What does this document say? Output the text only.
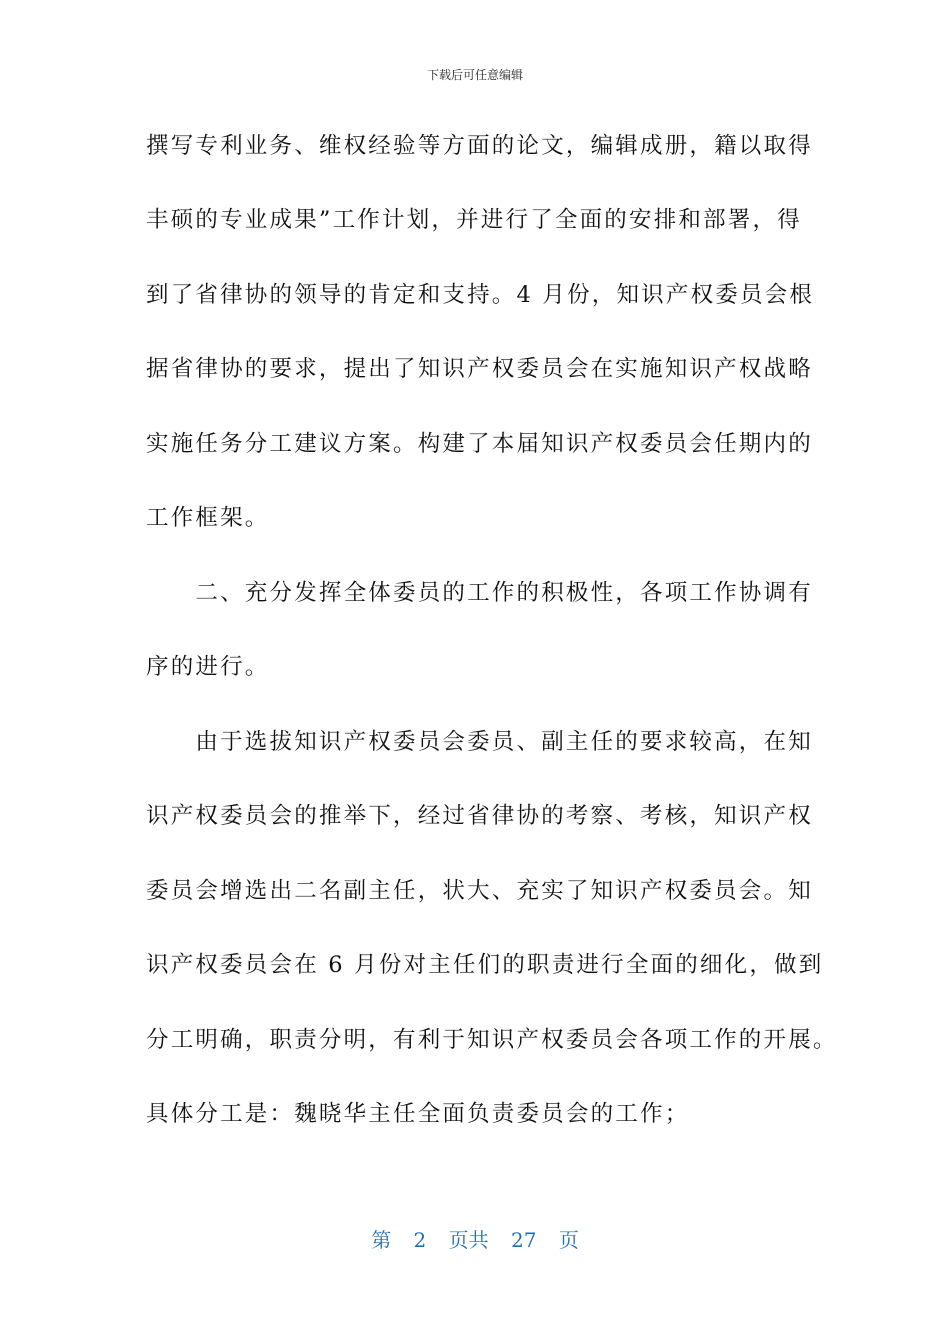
下载后可任意编辑
撰写专利业务、维权经验等方面的论文，编辑成册，籍以取得
丰硕的专业成果”工作计划，并进行了全面的安排和部署，得
到了省律协的领导的肯定和支持。4 月份，知识产权委员会根
据省律协的要求，提出了知识产权委员会在实施知识产权战略
实施任务分工建议方案。构建了本届知识产权委员会任期内的
工作框架。
　　二、充分发挥全体委员的工作的积极性，各项工作协调有
序的进行。
　　由于选拔知识产权委员会委员、副主任的要求较高，在知
识产权委员会的推举下，经过省律协的考察、考核，知识产权
委员会增选出二名副主任，状大、充实了知识产权委员会。知
识产权委员会在 6 月份对主任们的职责进行全面的细化，做到
分工明确，职责分明，有利于知识产权委员会各项工作的开展。
具体分工是：魏晓华主任全面负责委员会的工作；
第 2 页共 27 页
